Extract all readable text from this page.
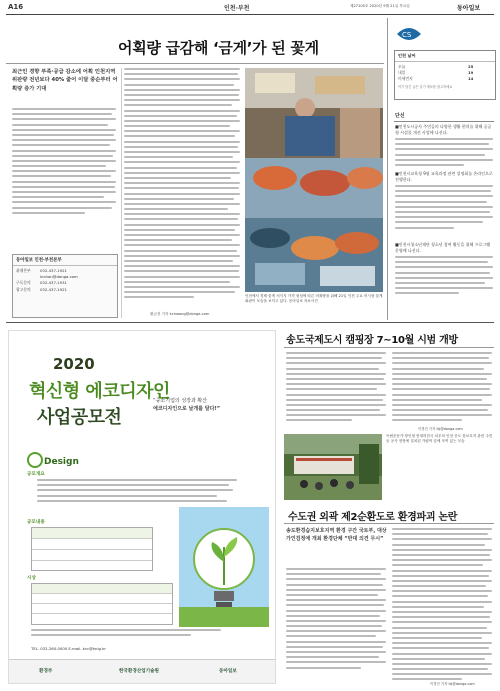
A16	인천·부천	제27105호 2020년 9월 21일 목요일	동아일보
어획량 급감해 ‘금게’가 된 꽃게
최근인 경향 부족·공급 감소에 어획 인천지역 위판량 전년보다 40% 줄어 이달 중순부터 어획량 증가 기대
동아일보 인천·부천본부
취재본부 032-437-1921
inchon@donga.com
구독문의 032-437-1931
광고문의 032-437-1921
황금천 기자 kchwang@donga.com
인천에서 경제·꽃게 서식지 가격 형성에 따른 어획량을 위해 21일 인천 주요 어시장 꽃게 좌판이 모습을 보이고 있다. 동아일보 자료사진
CS
인천 날씨
오늘	25
내일	19
미세먼지	14
여기 담긴 글은 일기 예보를 참고하세요
단신
■인천도시공사 주민들의 다양한 생활 편의를 위해 공공형 시설물 개선 사업에 나선다.
■인천시교육청 9월 교육과정 관련 설명회를 온라인으로 진행한다.
■인천시청소년재단 청소년 참여 활동을 위해 프로그램 운영에 나선다.
2020
혁신형 에코디자인
사업공모전
“중소기업의 성장과 확산
에코디자인으로 날개를 달다!”
Design
공모개요
공모내용
시상
TEL. 032-260-0000 E-mail. kcc@knig.kr
환경부	한국환경산업기술원	동아일보
송도국제도시 캠핑장 7∼10월 시범 개방
이경진 기자 lkj@donga.com
독립운동가·장인형 봉대의한국 치우의 인천 송도 꽃보호지 관련 주민들 공사 현장에 설치된 가림막 앞에 모여 있는 모습
수도권 외곽 제2순환도로 환경파괴 논란
송도환경습지보호지역 환경 구간 국토부, 대상 가인검정에 개최 환경단체 “반대 의견 무시”
이경진 기자 lkj@donga.com
